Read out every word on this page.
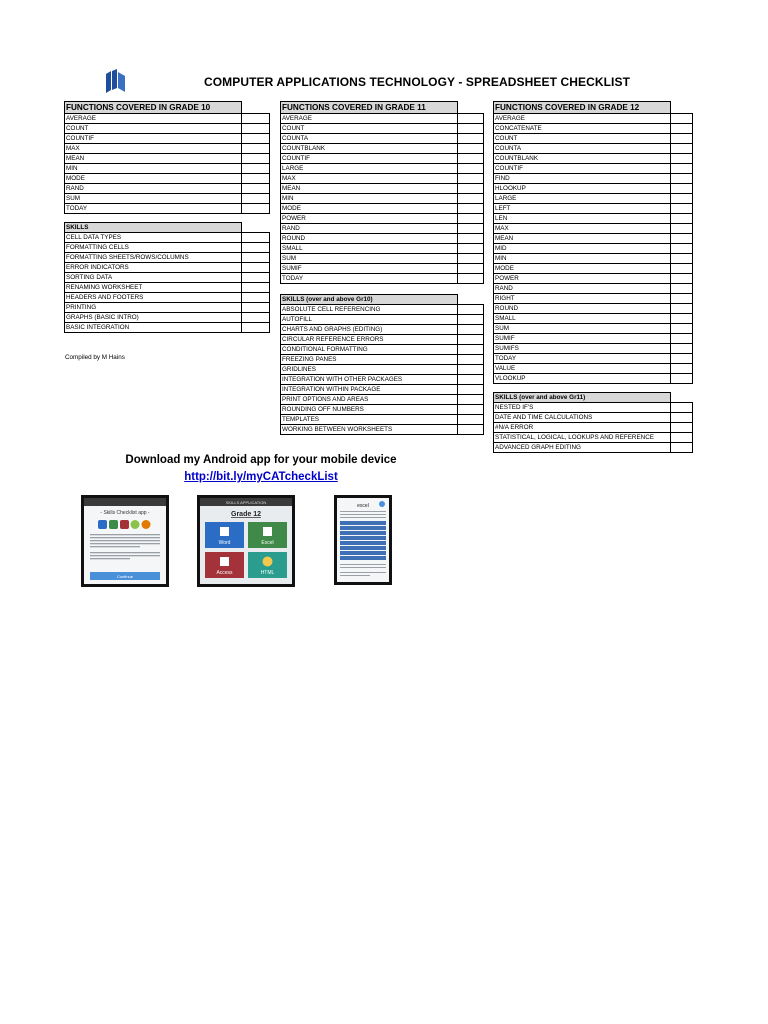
COMPUTER APPLICATIONS TECHNOLOGY - SPREADSHEET CHECKLIST
FUNCTIONS COVERED IN GRADE 10	
AVERAGE	
COUNT	
COUNTIF	
MAX	
MEAN	
MIN	
MODE	
RAND	
SUM	
TODAY	

SKILLS	
CELL DATA TYPES	
FORMATTING CELLS	
FORMATTING SHEETS/ROWS/COLUMNS	
ERROR INDICATORS	
SORTING DATA	
RENAMING WORKSHEET	
HEADERS AND FOOTERS	
PRINTING	
GRAPHS (BASIC INTRO)	
BASIC INTEGRATION	
FUNCTIONS COVERED IN GRADE 11	
AVERAGE	
COUNT	
COUNTA	
COUNTBLANK	
COUNTIF	
LARGE	
MAX	
MEAN	
MIN	
MODE	
POWER	
RAND	
ROUND	
SMALL	
SUM	
SUMIF	
TODAY	

SKILLS (over and above Gr10)	
ABSOLUTE CELL REFERENCING	
AUTOFILL	
CHARTS AND GRAPHS (EDITING)	
CIRCULAR REFERENCE ERRORS	
CONDITIONAL FORMATTING	
FREEZING PANES	
GRIDLINES	
INTEGRATION WITH OTHER PACKAGES	
INTEGRATION WITHIN PACKAGE	
PRINT OPTIONS AND AREAS	
ROUNDING OFF NUMBERS	
TEMPLATES	
WORKING BETWEEN WORKSHEETS	
FUNCTIONS COVERED IN GRADE 12	
AVERAGE	
CONCATENATE	
COUNT	
COUNTA	
COUNTBLANK	
COUNTIF	
FIND	
HLOOKUP	
LARGE	
LEFT	
LEN	
MAX	
MEAN	
MID	
MIN	
MODE	
POWER	
RAND	
RIGHT	
ROUND	
SMALL	
SUM	
SUMIF	
SUMIFS	
TODAY	
VALUE	
VLOOKUP	

SKILLS (over and above Gr11)	
NESTED IF'S	
DATE AND TIME CALCULATIONS	
#N/A ERROR	
STATISTICAL, LOGICAL, LOOKUPS AND REFERENCE	
ADVANCED GRAPH EDITING	
Compiled by M Hains
Download my Android app for your mobile device
http://bit.ly/myCATcheckList
- Skills Checklist app -
Continue
SKILLS APPLICATION
Grade 12
Word	Excel
Access	HTML
excel
